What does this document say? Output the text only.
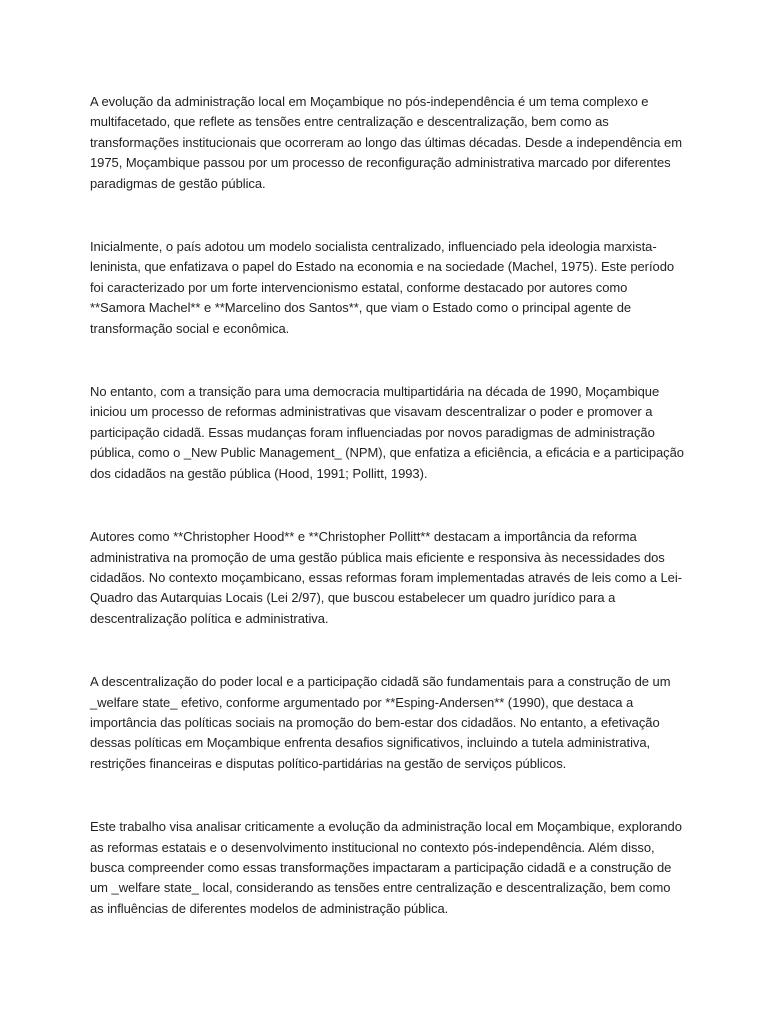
A evolução da administração local em Moçambique no pós-independência é um tema complexo e multifacetado, que reflete as tensões entre centralização e descentralização, bem como as transformações institucionais que ocorreram ao longo das últimas décadas. Desde a independência em 1975, Moçambique passou por um processo de reconfiguração administrativa marcado por diferentes paradigmas de gestão pública.

Inicialmente, o país adotou um modelo socialista centralizado, influenciado pela ideologia marxista-leninista, que enfatizava o papel do Estado na economia e na sociedade (Machel, 1975). Este período foi caracterizado por um forte intervencionismo estatal, conforme destacado por autores como **Samora Machel** e **Marcelino dos Santos**, que viam o Estado como o principal agente de transformação social e econômica.

No entanto, com a transição para uma democracia multipartidária na década de 1990, Moçambique iniciou um processo de reformas administrativas que visavam descentralizar o poder e promover a participação cidadã. Essas mudanças foram influenciadas por novos paradigmas de administração pública, como o _New Public Management_ (NPM), que enfatiza a eficiência, a eficácia e a participação dos cidadãos na gestão pública (Hood, 1991; Pollitt, 1993).

Autores como **Christopher Hood** e **Christopher Pollitt** destacam a importância da reforma administrativa na promoção de uma gestão pública mais eficiente e responsiva às necessidades dos cidadãos. No contexto moçambicano, essas reformas foram implementadas através de leis como a Lei-Quadro das Autarquias Locais (Lei 2/97), que buscou estabelecer um quadro jurídico para a descentralização política e administrativa.

A descentralização do poder local e a participação cidadã são fundamentais para a construção de um _welfare state_ efetivo, conforme argumentado por **Esping-Andersen** (1990), que destaca a importância das políticas sociais na promoção do bem-estar dos cidadãos. No entanto, a efetivação dessas políticas em Moçambique enfrenta desafios significativos, incluindo a tutela administrativa, restrições financeiras e disputas político-partidárias na gestão de serviços públicos.

Este trabalho visa analisar criticamente a evolução da administração local em Moçambique, explorando as reformas estatais e o desenvolvimento institucional no contexto pós-independência. Além disso, busca compreender como essas transformações impactaram a participação cidadã e a construção de um _welfare state_ local, considerando as tensões entre centralização e descentralização, bem como as influências de diferentes modelos de administração pública.
